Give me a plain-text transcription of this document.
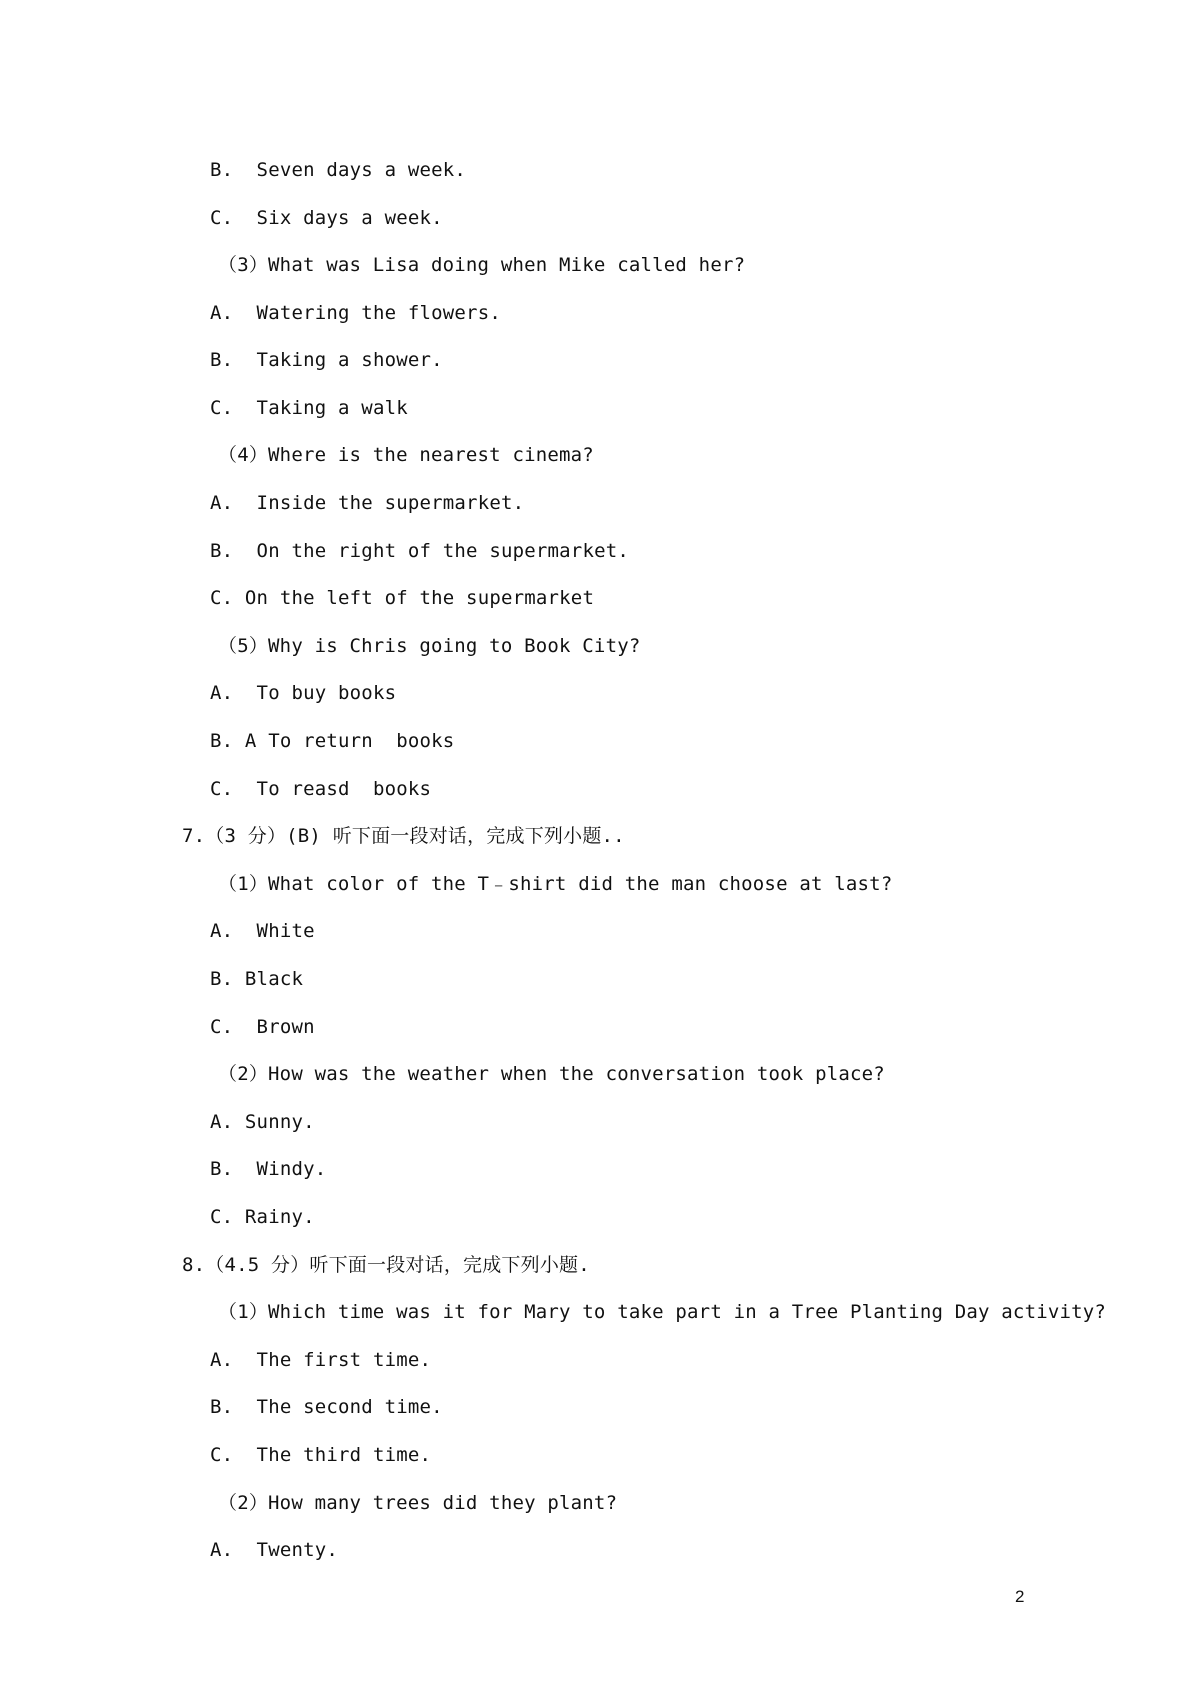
B.  Seven days a week.
C.  Six days a week.
（3）What was Lisa doing when Mike called her?
A.  Watering the flowers.
B.  Taking a shower.
C.  Taking a walk
（4）Where is the nearest cinema?
A.  Inside the supermarket.
B.  On the right of the supermarket.
C. On the left of the supermarket
（5）Why is Chris going to Book City?
A.  To buy books
B. A To return  books
C.  To reasd  books
7.（3 分）(B) 听下面一段对话，完成下列小题..
（1）What color of the T﹣shirt did the man choose at last?
A.  White
B. Black
C.  Brown
（2）How was the weather when the conversation took place?
A. Sunny.
B.  Windy.
C. Rainy.
8.（4.5 分）听下面一段对话，完成下列小题.
（1）Which time was it for Mary to take part in a Tree Planting Day activity?
A.  The first time.
B.  The second time.
C.  The third time.
（2）How many trees did they plant?
A.  Twenty.
2
